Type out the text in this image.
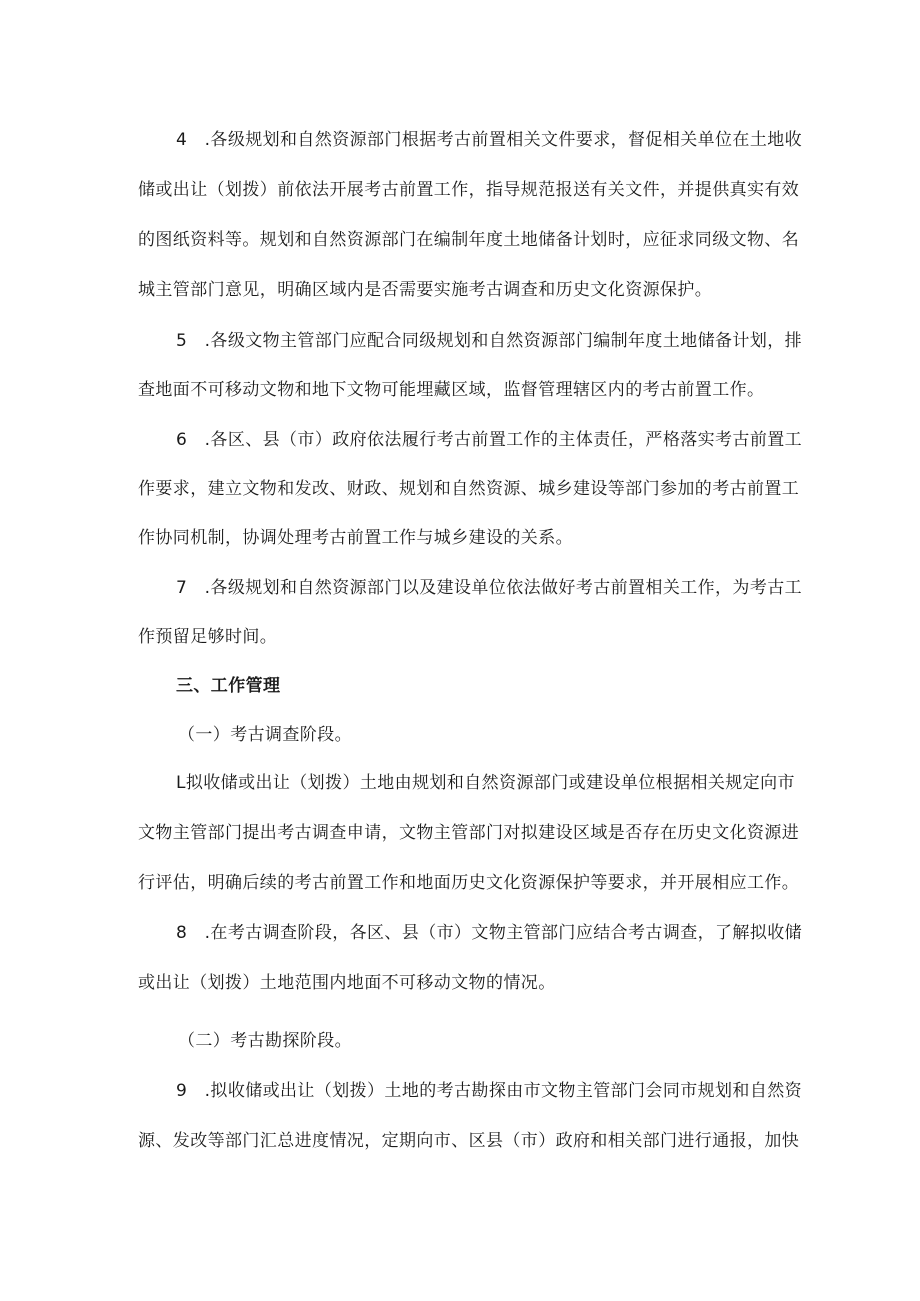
4　.各级规划和自然资源部门根据考古前置相关文件要求，督促相关单位在土地收
储或出让（划拨）前依法开展考古前置工作，指导规范报送有关文件，并提供真实有效
的图纸资料等。规划和自然资源部门在编制年度土地储备计划时，应征求同级文物、名
城主管部门意见，明确区域内是否需要实施考古调查和历史文化资源保护。
5　.各级文物主管部门应配合同级规划和自然资源部门编制年度土地储备计划，排
查地面不可移动文物和地下文物可能埋藏区域，监督管理辖区内的考古前置工作。
6　.各区、县（市）政府依法履行考古前置工作的主体责任，严格落实考古前置工
作要求，建立文物和发改、财政、规划和自然资源、城乡建设等部门参加的考古前置工
作协同机制，协调处理考古前置工作与城乡建设的关系。
7　.各级规划和自然资源部门以及建设单位依法做好考古前置相关工作，为考古工
作预留足够时间。
三、工作管理
（一）考古调查阶段。
L拟收储或出让（划拨）土地由规划和自然资源部门或建设单位根据相关规定向市
文物主管部门提出考古调查申请，文物主管部门对拟建设区域是否存在历史文化资源进
行评估，明确后续的考古前置工作和地面历史文化资源保护等要求，并开展相应工作。
8　.在考古调查阶段，各区、县（市）文物主管部门应结合考古调查，了解拟收储
或出让（划拨）土地范围内地面不可移动文物的情况。
（二）考古勘探阶段。
9　.拟收储或出让（划拨）土地的考古勘探由市文物主管部门会同市规划和自然资
源、发改等部门汇总进度情况，定期向市、区县（市）政府和相关部门进行通报，加快
